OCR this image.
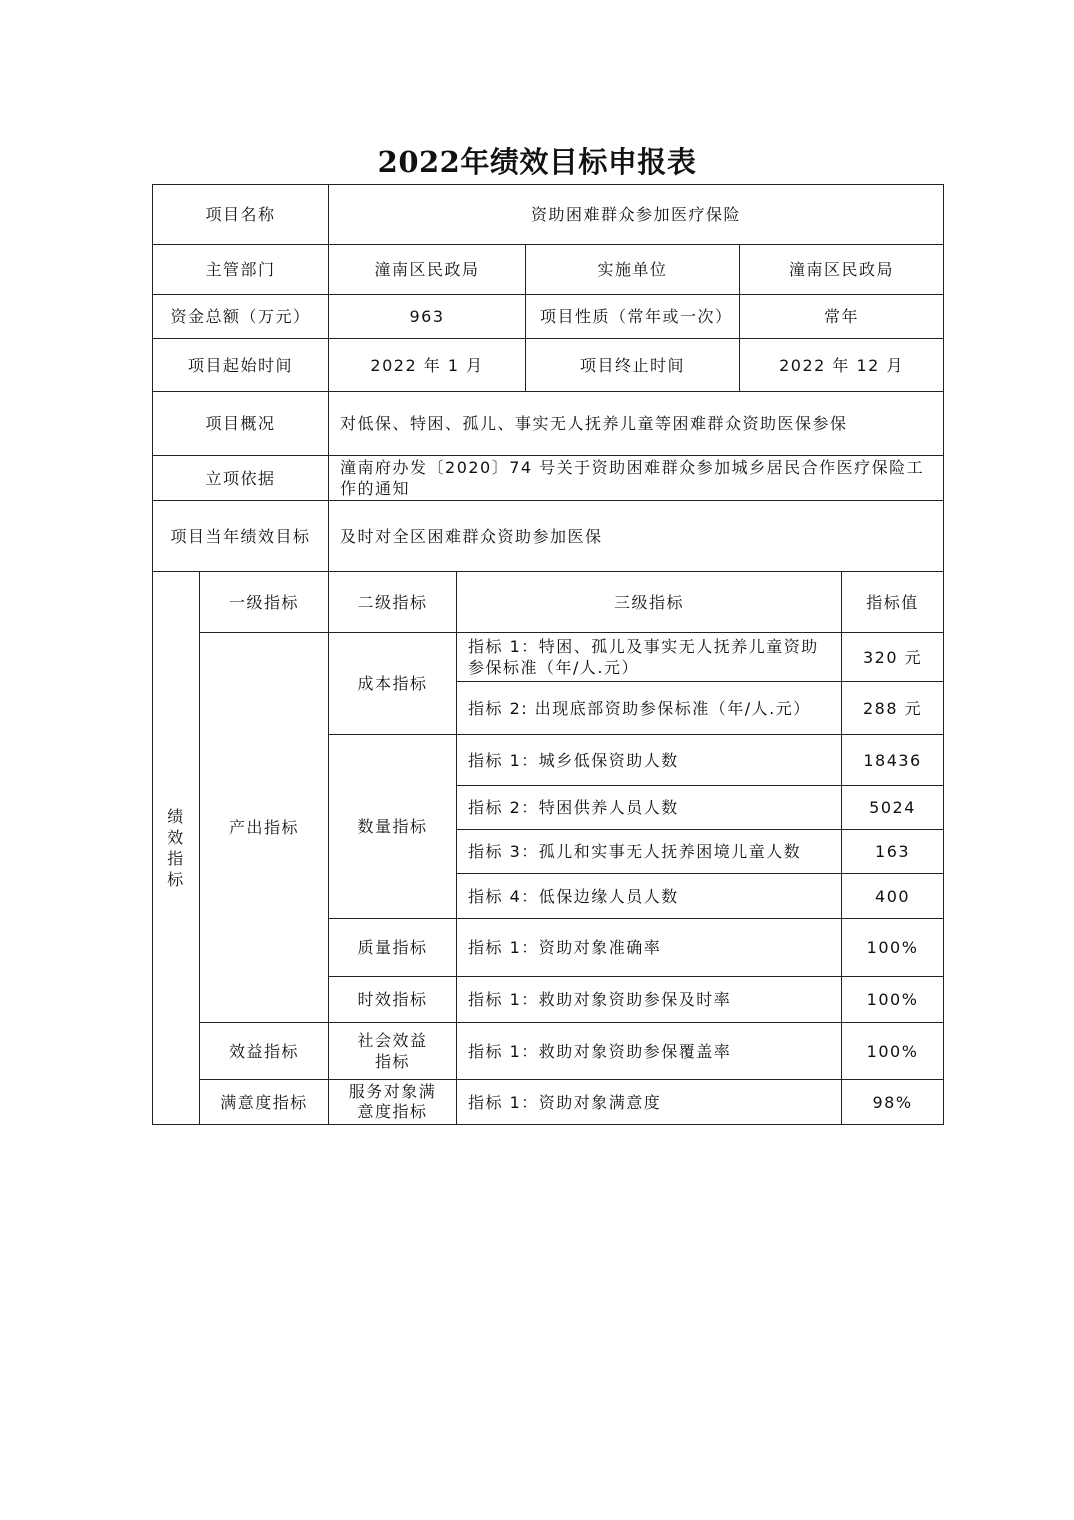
2022年绩效目标申报表
项目名称		资助困难群众参加医疗保险				
主管部门		潼南区民政局		实施单位	潼南区民政局	
资金总额（万元）		963		项目性质（常年或一次）	常年	
项目起始时间		2022 年 1 月		项目终止时间	2022 年 12 月	
项目概况		对低保、特困、孤儿、事实无人抚养儿童等困难群众资助医保参保				
立项依据		潼南府办发〔2020〕74 号关于资助困难群众参加城乡居民合作医疗保险工作的通知				
项目当年绩效目标		及时对全区困难群众资助参加医保				
绩效指标	一级指标	二级指标	三级指标			指标值
	产出指标	成本指标	指标 1：特困、孤儿及事实无人抚养儿童资助参保标准（年/人.元）			320 元
			指标 2: 出现底部资助参保标准（年/人.元）			288 元
		数量指标	指标 1：城乡低保资助人数			18436
			指标 2：特困供养人员人数			5024
			指标 3：孤儿和实事无人抚养困境儿童人数			163
			指标 4：低保边缘人员人数			400
		质量指标	指标 1：资助对象准确率			100%
		时效指标	指标 1：救助对象资助参保及时率			100%
	效益指标	社会效益指标	指标 1：救助对象资助参保覆盖率			100%
	满意度指标	服务对象满意度指标	指标 1：资助对象满意度			98%
